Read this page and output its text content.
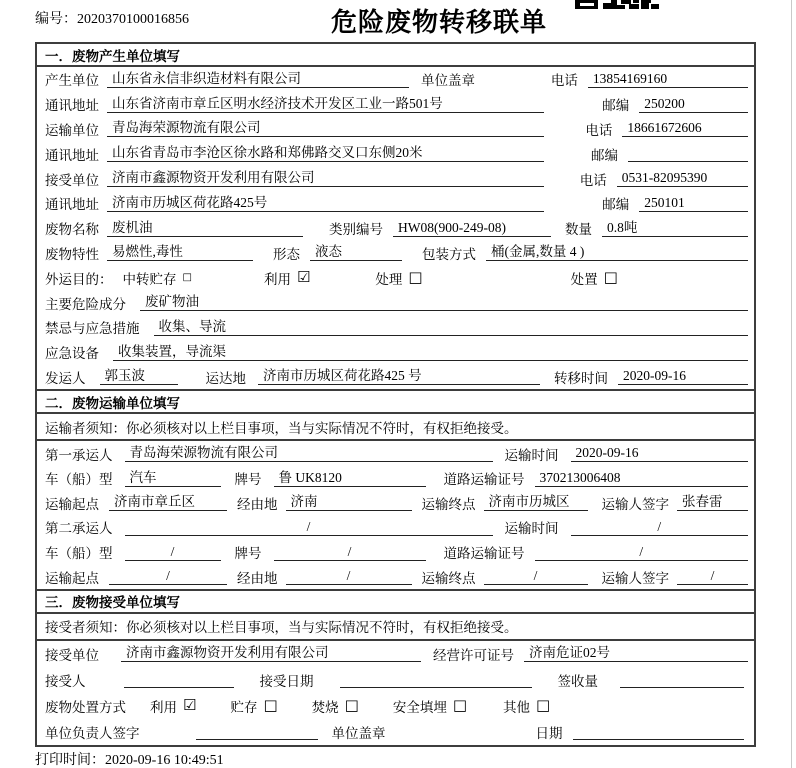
编号：2020370100016856	危险废物转移联单
一．废物产生单位填写
产生单位 山东省永信非织造材料有限公司	单位盖章	电话	13854169160
通讯地址 山东省济南市章丘区明水经济技术开发区工业一路501号	邮编	250200
运输单位 青岛海荣源物流有限公司	电话	18661672606
通讯地址 山东省青岛市李沧区徐水路和郑佛路交叉口东侧20米	邮编
接受单位 济南市鑫源物资开发利用有限公司	电话	0531-82095390
通讯地址 济南市历城区荷花路425号	邮编	250101
废物名称 废机油	类别编号	HW08(900-249-08)	数量	0.8吨
废物特性 易燃性,毒性	形态	液态	包装方式	桶(金属,数量 4 )
外运目的： 中转贮存 □	利用 ☑	处理 □	处置 □
主要危险成分	废矿物油
禁忌与应急措施	收集、导流
应急设备	收集装置，导流渠
发运人	郭玉波	运达地	济南市历城区荷花路425 号	转移时间	2020-09-16
二．废物运输单位填写
运输者须知：你必须核对以上栏目事项，当与实际情况不符时，有权拒绝接受。
第一承运人	青岛海荣源物流有限公司	运输时间	2020-09-16
车（船）型	汽车	牌号	鲁 UK8120	道路运输证号	370213006408
运输起点	济南市章丘区	经由地 济南	运输终点 济南市历城区	运输人签字 张春雷
第二承运人	/	运输时间	/
车（船）型	/	牌号	/	道路运输证号	/
运输起点	/	经由地	/	运输终点	/	运输人签字	/
三．废物接受单位填写
接受者须知：你必须核对以上栏目事项，当与实际情况不符时，有权拒绝接受。
接受单位	济南市鑫源物资开发利用有限公司	经营许可证号	济南危证02号
接受人	接受日期	签收量
废物处置方式 利用 ☑	贮存 □	焚烧 □	安全填埋 □	其他 □
单位负责人签字	单位盖章	日期
打印时间：2020-09-16 10:49:51
